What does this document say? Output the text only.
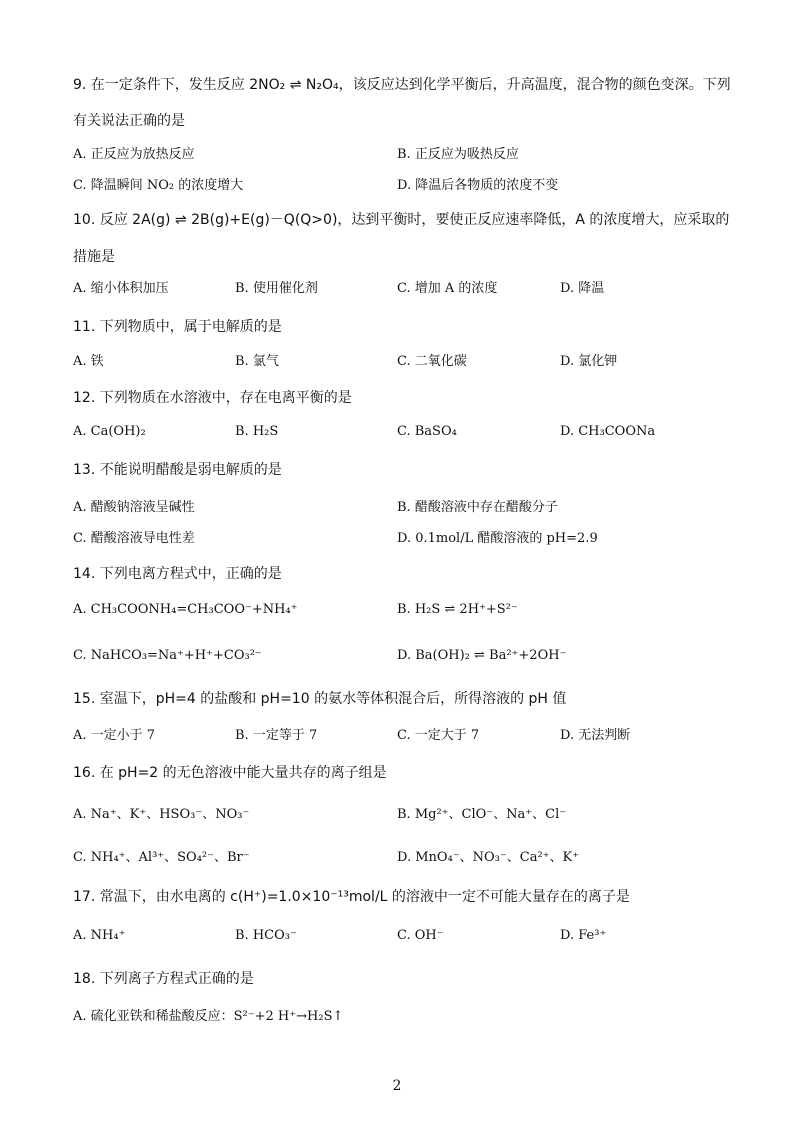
9. 在一定条件下，发生反应 2NO₂ ⇌ N₂O₄，该反应达到化学平衡后，升高温度，混合物的颜色变深。下列
有关说法正确的是
A. 正反应为放热反应	B. 正反应为吸热反应
C. 降温瞬间 NO₂ 的浓度增大	D. 降温后各物质的浓度不变
10. 反应 2A(g) ⇌ 2B(g)+E(g)－Q(Q>0)，达到平衡时，要使正反应速率降低，A 的浓度增大，应采取的
措施是
A. 缩小体积加压	B. 使用催化剂	C. 增加 A 的浓度	D. 降温
11. 下列物质中，属于电解质的是
A. 铁	B. 氯气	C. 二氧化碳	D. 氯化钾
12. 下列物质在水溶液中，存在电离平衡的是
A. Ca(OH)₂	B. H₂S	C. BaSO₄	D. CH₃COONa
13. 不能说明醋酸是弱电解质的是
A. 醋酸钠溶液呈碱性	B. 醋酸溶液中存在醋酸分子
C. 醋酸溶液导电性差	D. 0.1mol/L 醋酸溶液的 pH=2.9
14. 下列电离方程式中，正确的是
A. CH₃COONH₄=CH₃COO⁻+NH₄⁺	B. H₂S ⇌ 2H⁺+S²⁻
C. NaHCO₃=Na⁺+H⁺+CO₃²⁻	D. Ba(OH)₂ ⇌ Ba²⁺+2OH⁻
15. 室温下，pH=4 的盐酸和 pH=10 的氨水等体积混合后，所得溶液的 pH 值
A. 一定小于 7	B. 一定等于 7	C. 一定大于 7	D. 无法判断
16. 在 pH=2 的无色溶液中能大量共存的离子组是
A. Na⁺、K⁺、HSO₃⁻、NO₃⁻	B. Mg²⁺、ClO⁻、Na⁺、Cl⁻
C. NH₄⁺、Al³⁺、SO₄²⁻、Br⁻	D. MnO₄⁻、NO₃⁻、Ca²⁺、K⁺
17. 常温下，由水电离的 c(H⁺)=1.0×10⁻¹³mol/L 的溶液中一定不可能大量存在的离子是
A. NH₄⁺	B. HCO₃⁻	C. OH⁻	D. Fe³⁺
18. 下列离子方程式正确的是
A. 硫化亚铁和稀盐酸反应：S²⁻+2 H⁺→H₂S↑
2
